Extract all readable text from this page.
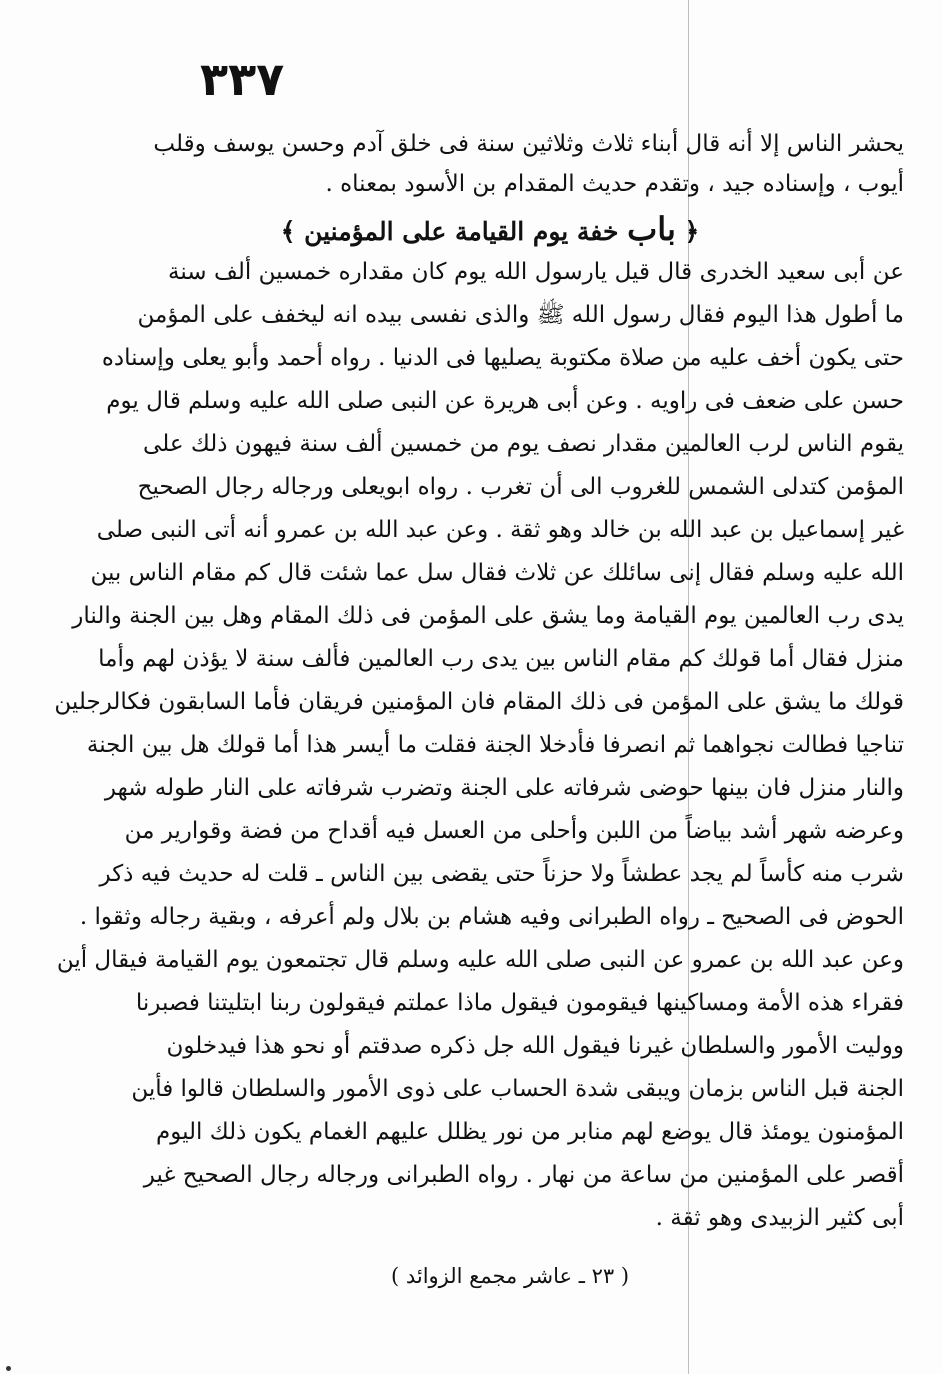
٣٣٧
يحشر الناس إلا أنه قال أبناء ثلاث وثلاثين سنة فى خلق آدم وحسن يوسف وقلب
أيوب ، وإسناده جيد ، وتقدم حديث المقدام بن الأسود بمعناه .
﴿ باب خفة يوم القيامة على المؤمنين ﴾
عن أبى سعيد الخدرى قال قيل يارسول الله يوم كان مقداره خمسين ألف سنة
ما أطول هذا اليوم فقال رسول الله ﷺ والذى نفسى بيده انه ليخفف على المؤمن
حتى يكون أخف عليه من صلاة مكتوبة يصليها فى الدنيا . رواه أحمد وأبو يعلى وإسناده
حسن على ضعف فى راويه . وعن أبى هريرة عن النبى صلى الله عليه وسلم قال يوم
يقوم الناس لرب العالمين مقدار نصف يوم من خمسين ألف سنة فيهون ذلك على
المؤمن كتدلى الشمس للغروب الى أن تغرب . رواه ابويعلى ورجاله رجال الصحيح
غير إسماعيل بن عبد الله بن خالد وهو ثقة . وعن عبد الله بن عمرو أنه أتى النبى صلى
الله عليه وسلم فقال إنى سائلك عن ثلاث فقال سل عما شئت قال كم مقام الناس بين
يدى رب العالمين يوم القيامة وما يشق على المؤمن فى ذلك المقام وهل بين الجنة والنار
منزل فقال أما قولك كم مقام الناس بين يدى رب العالمين فألف سنة لا يؤذن لهم وأما
قولك ما يشق على المؤمن فى ذلك المقام فان المؤمنين فريقان فأما السابقون فكالرجلين
تناجيا فطالت نجواهما ثم انصرفا فأدخلا الجنة فقلت ما أيسر هذا أما قولك هل بين الجنة
والنار منزل فان بينها حوضى شرفاته على الجنة وتضرب شرفاته على النار طوله شهر
وعرضه شهر أشد بياضاً من اللبن وأحلى من العسل فيه أقداح من فضة وقوارير من
شرب منه كأساً لم يجد عطشاً ولا حزناً حتى يقضى بين الناس ـ قلت له حديث فيه ذكر
الحوض فى الصحيح ـ رواه الطبرانى وفيه هشام بن بلال ولم أعرفه ، وبقية رجاله وثقوا .
وعن عبد الله بن عمرو عن النبى صلى الله عليه وسلم قال تجتمعون يوم القيامة فيقال أين
فقراء هذه الأمة ومساكينها فيقومون فيقول ماذا عملتم فيقولون ربنا ابتليتنا فصبرنا
ووليت الأمور والسلطان غيرنا فيقول الله جل ذكره صدقتم أو نحو هذا فيدخلون
الجنة قبل الناس بزمان ويبقى شدة الحساب على ذوى الأمور والسلطان قالوا فأين
المؤمنون يومئذ قال يوضع لهم منابر من نور يظلل عليهم الغمام يكون ذلك اليوم
أقصر على المؤمنين من ساعة من نهار . رواه الطبرانى ورجاله رجال الصحيح غير
أبى كثير الزبيدى وهو ثقة .
( ٢٣ ـ عاشر مجمع الزوائد )
